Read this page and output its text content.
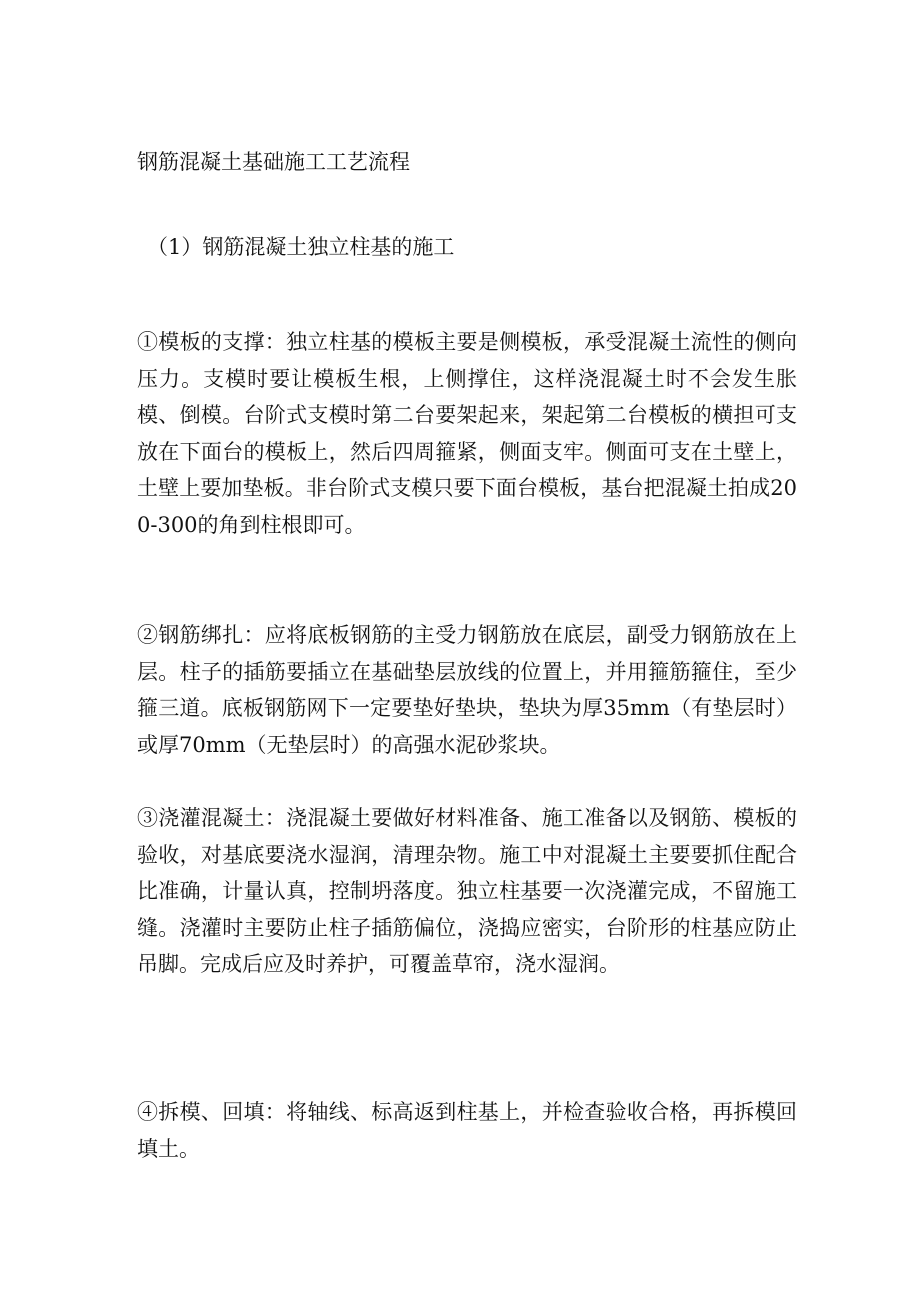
钢筋混凝土基础施工工艺流程
（1）钢筋混凝土独立柱基的施工

①模板的支撑：独立柱基的模板主要是侧模板，承受混凝土流性的侧向压力。支模时要让模板生根，上侧撑住，这样浇混凝土时不会发生胀模、倒模。台阶式支模时第二台要架起来，架起第二台模板的横担可支放在下面台的模板上，然后四周箍紧，侧面支牢。侧面可支在土壁上，土壁上要加垫板。非台阶式支模只要下面台模板，基台把混凝土拍成200-300的角到柱根即可。

②钢筋绑扎：应将底板钢筋的主受力钢筋放在底层，副受力钢筋放在上层。柱子的插筋要插立在基础垫层放线的位置上，并用箍筋箍住，至少箍三道。底板钢筋网下一定要垫好垫块，垫块为厚35mm（有垫层时）或厚70mm（无垫层时）的高强水泥砂浆块。

③浇灌混凝土：浇混凝土要做好材料准备、施工准备以及钢筋、模板的验收，对基底要浇水湿润，清理杂物。施工中对混凝土主要要抓住配合比准确，计量认真，控制坍落度。独立柱基要一次浇灌完成，不留施工缝。浇灌时主要防止柱子插筋偏位，浇捣应密实，台阶形的柱基应防止吊脚。完成后应及时养护，可覆盖草帘，浇水湿润。

④拆模、回填：将轴线、标高返到柱基上，并检查验收合格，再拆模回填土。
